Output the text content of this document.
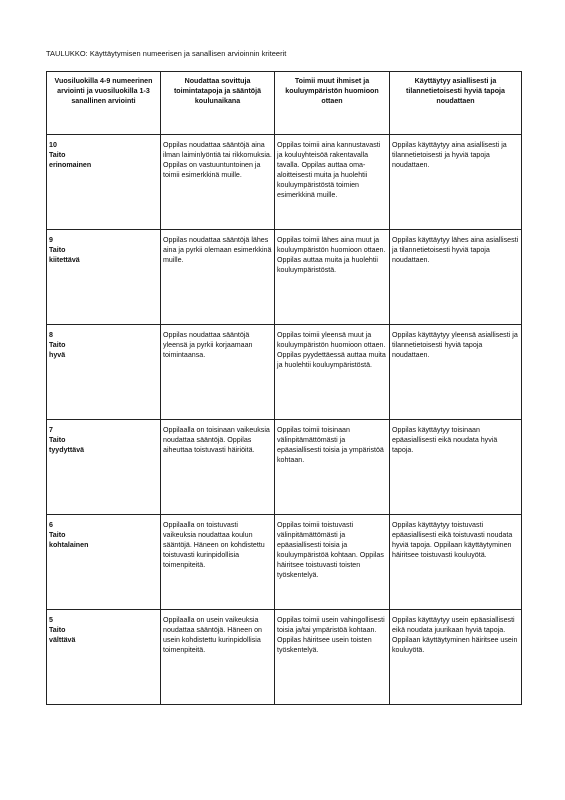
TAULUKKO: Käyttäytymisen numeerisen ja sanallisen arvioinnin kriteerit
Vuosiluokilla 4-9 numeerinen arviointi ja vuosiluokilla 1-3 sanallinen arviointi	Noudattaa sovittuja toimintatapoja ja sääntöjä koulunaikana	Toimii muut ihmiset ja kouluympäristön huomioon ottaen	Käyttäytyy asiallisesti ja tilannetietoisesti hyviä tapoja noudattaen

10
Taito
erinomainen	Oppilas noudattaa sääntöjä aina ilman laiminlyöntiä tai rikkomuksia. Oppilas on vastuuntuntoinen ja toimii esimerkkinä muille.	Oppilas toimii aina kannustavasti ja kouluyhteisöä rakentavalla tavalla. Oppilas auttaa oma-aloitteisesti muita ja huolehtii kouluympäristöstä toimien esimerkkinä muille.	Oppilas käyttäytyy aina asiallisesti ja tilannetietoisesti ja hyviä tapoja noudattaen.

9
Taito
kiitettävä	Oppilas noudattaa sääntöjä lähes aina ja pyrkii olemaan esimerkkinä muille.	Oppilas toimii lähes aina muut ja kouluympäristön huomioon ottaen. Oppilas auttaa muita ja huolehtii kouluympäristöstä.	Oppilas käyttäytyy lähes aina asiallisesti ja tilannetietoisesti hyviä tapoja noudattaen.

8
Taito
hyvä	Oppilas noudattaa sääntöjä yleensä ja pyrkii korjaamaan toimintaansa.	Oppilas toimii yleensä muut ja kouluympäristön huomioon ottaen. Oppilas pyydettäessä auttaa muita ja huolehtii kouluympäristöstä.	Oppilas käyttäytyy yleensä asiallisesti ja tilannetietoisesti hyviä tapoja noudattaen.

7
Taito
tyydyttävä	Oppilaalla on toisinaan vaikeuksia noudattaa sääntöjä. Oppilas aiheuttaa toistuvasti häiriöitä.	Oppilas toimii toisinaan välinpitämättömästi ja epäasiallisesti toisia ja ympäristöä kohtaan.	Oppilas käyttäytyy toisinaan epäasiallisesti eikä noudata hyviä tapoja.

6
Taito
kohtalainen	Oppilaalla on toistuvasti vaikeuksia noudattaa koulun sääntöjä. Häneen on kohdistettu toistuvasti kurinpidollisia toimenpiteitä.	Oppilas toimii toistuvasti välinpitämättömästi ja epäasiallisesti toisia ja kouluympäristöä kohtaan. Oppilas häiritsee toistuvasti toisten työskentelyä.	Oppilas käyttäytyy toistuvasti epäasiallisesti eikä toistuvasti noudata hyviä tapoja. Oppilaan käyttäytyminen häiritsee toistuvasti kouluyötä.

5
Taito
välttävä	Oppilaalla on usein vaikeuksia noudattaa sääntöjä. Häneen on usein kohdistettu kurinpidollisia toimenpiteitä.	Oppilas toimii usein vahingollisesti toisia ja/tai ympäristöä kohtaan. Oppilas häiritsee usein toisten työskentelyä.	Oppilas käyttäytyy usein epäasiallisesti eikä noudata juurikaan hyviä tapoja. Oppilaan käyttäytyminen häiritsee usein kouluyötä.
